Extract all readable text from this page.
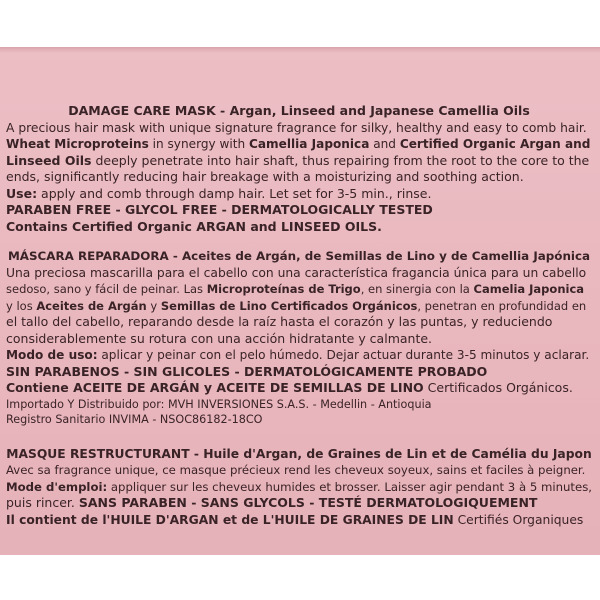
DAMAGE CARE MASK - Argan, Linseed and Japanese Camellia Oils
A precious hair mask with unique signature fragrance for silky, healthy and easy to comb hair.
Wheat Microproteins in synergy with Camellia Japonica and Certified Organic Argan and
Linseed Oils deeply penetrate into hair shaft, thus repairing from the root to the core to the
ends, significantly reducing hair breakage with a moisturizing and soothing action.
Use: apply and comb through damp hair. Let set for 3-5 min., rinse.
PARABEN FREE - GLYCOL FREE - DERMATOLOGICALLY TESTED
Contains Certified Organic ARGAN and LINSEED OILS.
MÁSCARA REPARADORA - Aceites de Argán, de Semillas de Lino y de Camellia Japónica
Una preciosa mascarilla para el cabello con una característica fragancia única para un cabello
sedoso, sano y fácil de peinar. Las Microproteínas de Trigo, en sinergia con la Camelia Japonica
y los Aceites de Argán y Semillas de Lino Certificados Orgánicos, penetran en profundidad en
el tallo del cabello, reparando desde la raíz hasta el corazón y las puntas, y reduciendo
considerablemente su rotura con una acción hidratante y calmante.
Modo de uso: aplicar y peinar con el pelo húmedo. Dejar actuar durante 3-5 minutos y aclarar.
SIN PARABENOS - SIN GLICOLES - DERMATOLÓGICAMENTE PROBADO
Contiene ACEITE DE ARGÁN y ACEITE DE SEMILLAS DE LINO Certificados Orgánicos.
Importado Y Distribuido por: MVH INVERSIONES S.A.S. - Medellin - Antioquia
Registro Sanitario INVIMA - NSOC86182-18CO
MASQUE RESTRUCTURANT - Huile d'Argan, de Graines de Lin et de Camélia du Japon
Avec sa fragrance unique, ce masque précieux rend les cheveux soyeux, sains et faciles à peigner.
Mode d'emploi: appliquer sur les cheveux humides et brosser. Laisser agir pendant 3 à 5 minutes,
puis rincer. SANS PARABEN - SANS GLYCOLS - TESTÉ DERMATOLOGIQUEMENT
Il contient de l'HUILE D'ARGAN et de L'HUILE DE GRAINES DE LIN Certifiés Organiques
